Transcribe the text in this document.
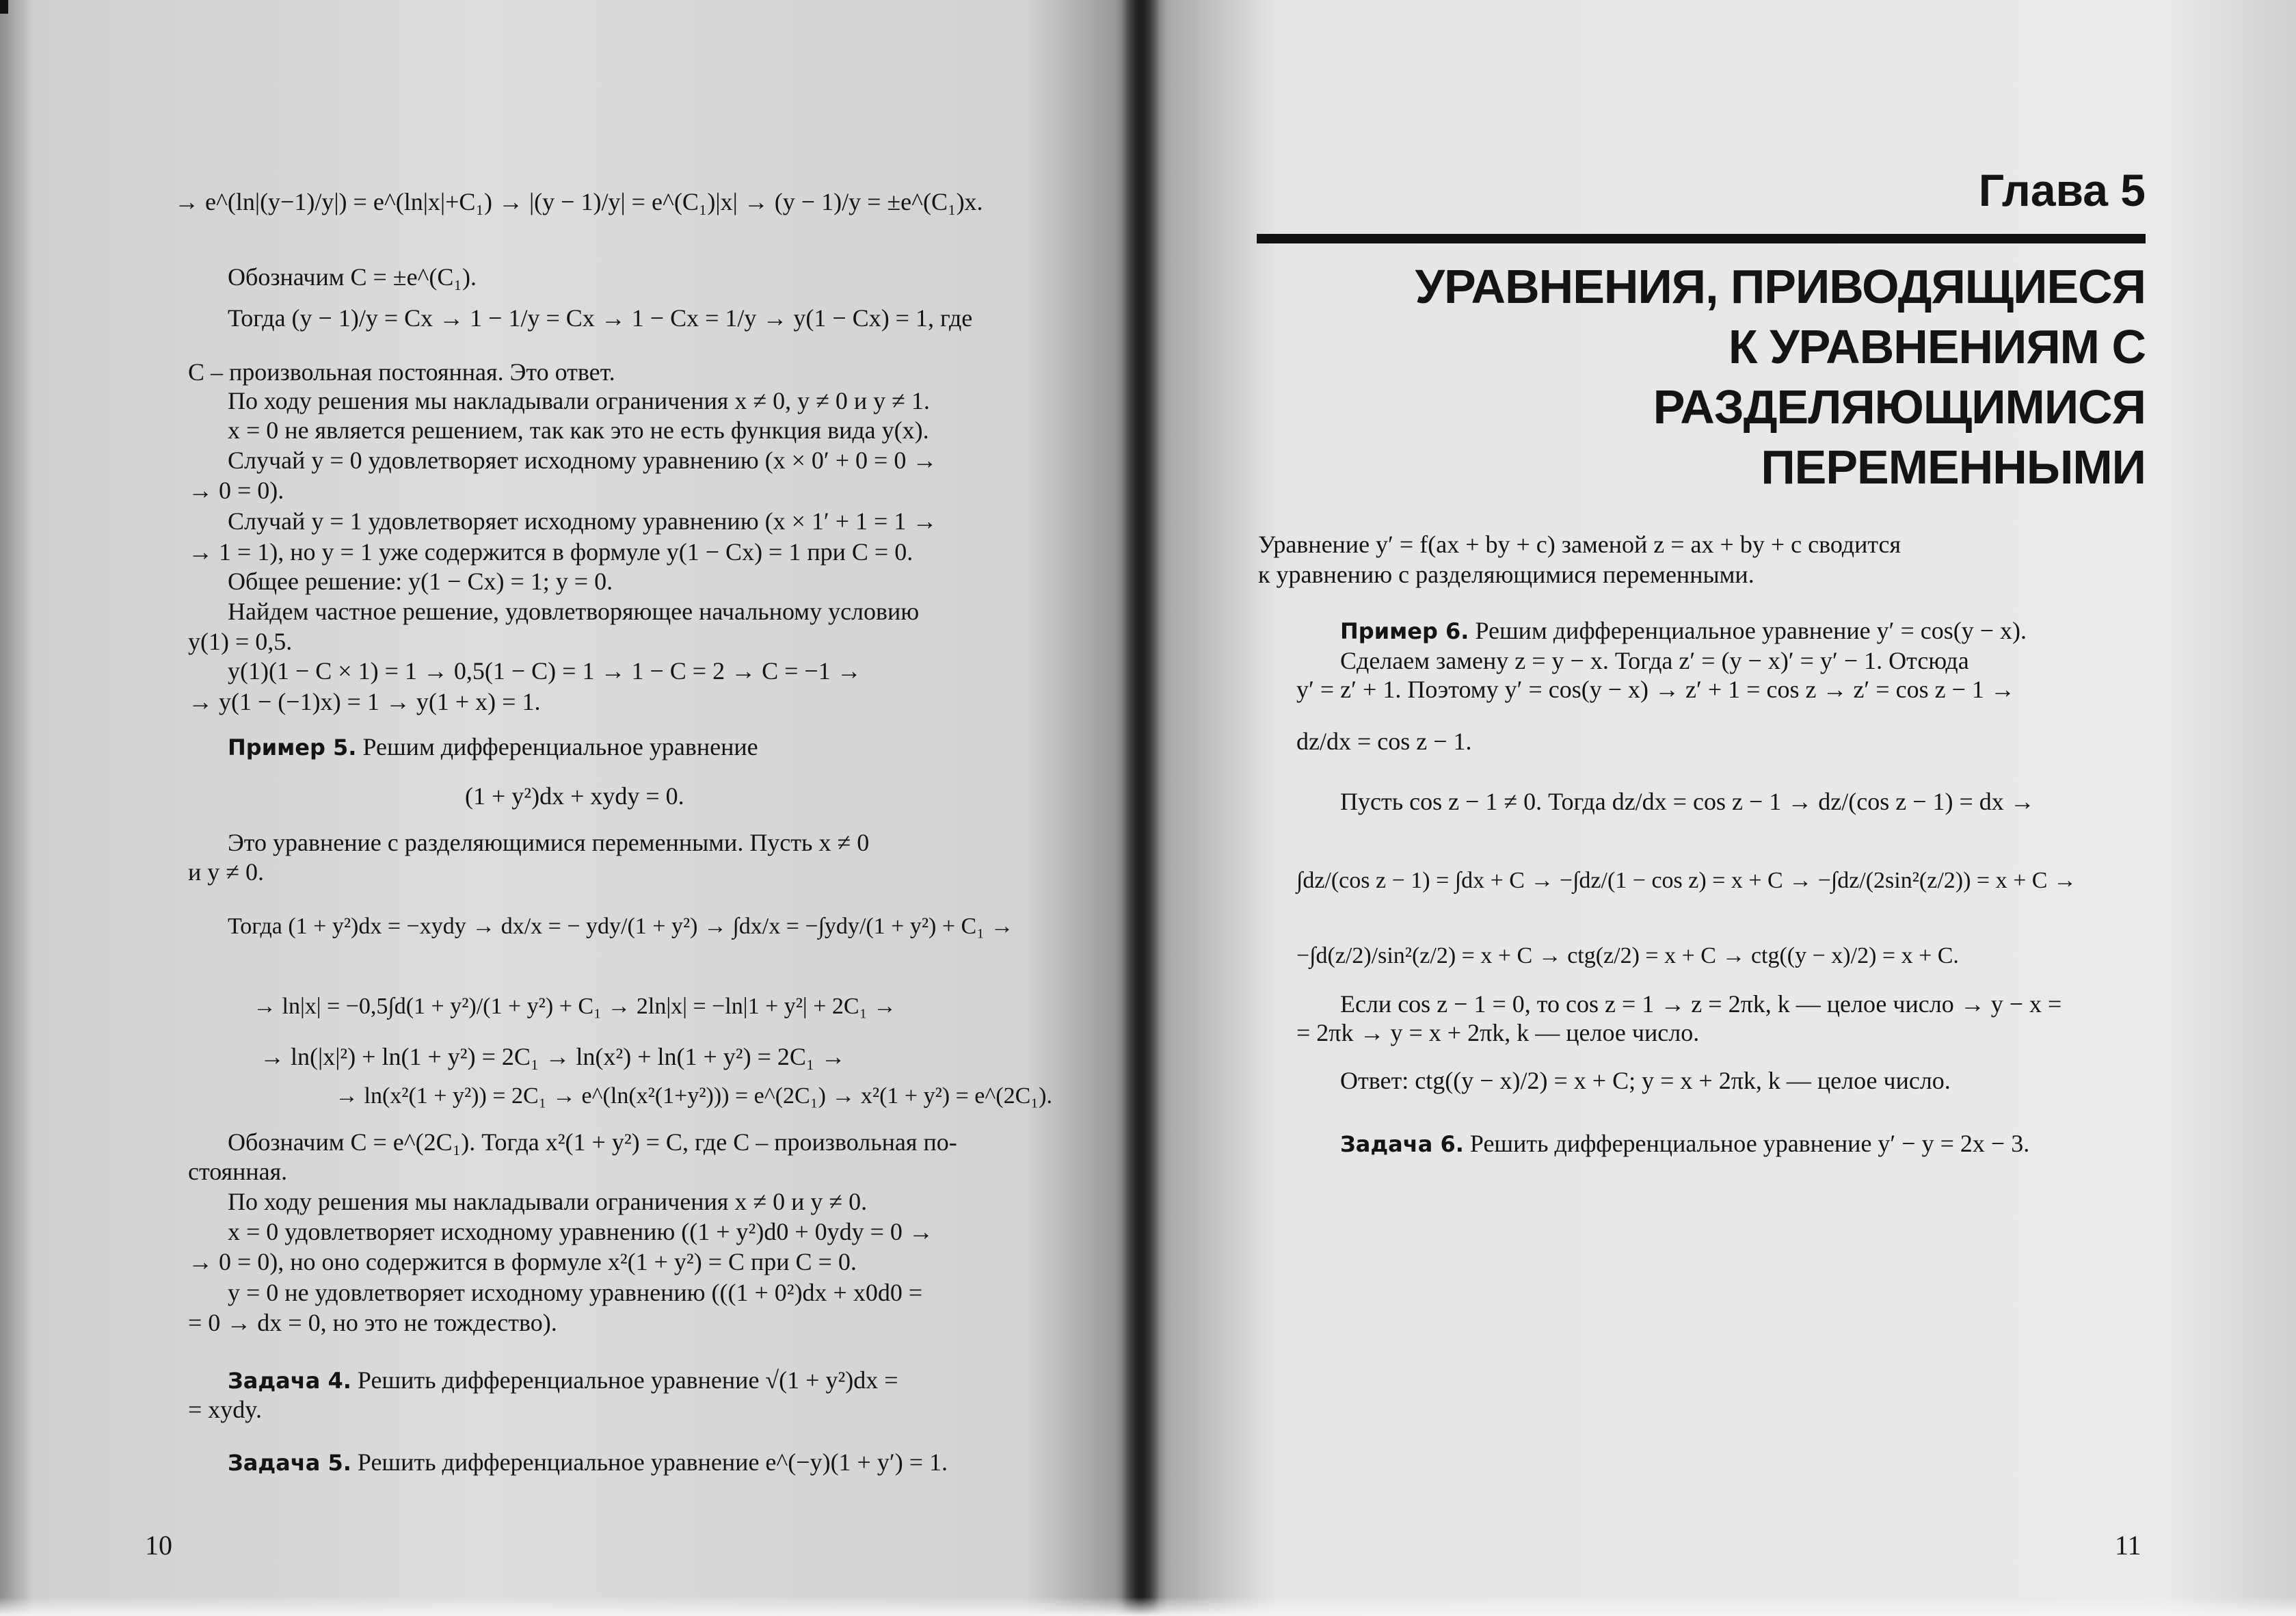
→ e^(ln|(y−1)/y|) = e^(ln|x|+C₁) → |(y − 1)/y| = e^(C₁)|x| → (y − 1)/y = ±e^(C₁)x.
Обозначим C = ±e^(C₁).
Тогда (y − 1)/y = Cx → 1 − 1/y = Cx → 1 − Cx = 1/y → y(1 − Cx) = 1, где
C – произвольная постоянная. Это ответ.
По ходу решения мы накладывали ограничения x ≠ 0, y ≠ 0 и y ≠ 1.
x = 0 не является решением, так как это не есть функция вида y(x).
Случай y = 0 удовлетворяет исходному уравнению (x × 0′ + 0 = 0 →
→ 0 = 0).
Случай y = 1 удовлетворяет исходному уравнению (x × 1′ + 1 = 1 →
→ 1 = 1), но y = 1 уже содержится в формуле y(1 − Cx) = 1 при C = 0.
Общее решение: y(1 − Cx) = 1; y = 0.
Найдем частное решение, удовлетворяющее начальному условию
y(1) = 0,5.
y(1)(1 − C × 1) = 1 → 0,5(1 − C) = 1 → 1 − C = 2 → C = −1 →
→ y(1 − (−1)x) = 1 → y(1 + x) = 1.
Пример 5. Решим дифференциальное уравнение
(1 + y²)dx + xydy = 0.
Это уравнение с разделяющимися переменными. Пусть x ≠ 0
и y ≠ 0.
Тогда (1 + y²)dx = −xydy → dx/x = − ydy/(1 + y²) → ∫dx/x = −∫ydy/(1 + y²) + C₁ →
→ ln|x| = −0,5∫d(1 + y²)/(1 + y²) + C₁ → 2ln|x| = −ln|1 + y²| + 2C₁ →
→ ln(|x|²) + ln(1 + y²) = 2C₁ → ln(x²) + ln(1 + y²) = 2C₁ →
→ ln(x²(1 + y²)) = 2C₁ → e^(ln(x²(1+y²))) = e^(2C₁) → x²(1 + y²) = e^(2C₁).
Обозначим C = e^(2C₁). Тогда x²(1 + y²) = C, где C – произвольная по-
стоянная.
По ходу решения мы накладывали ограничения x ≠ 0 и y ≠ 0.
x = 0 удовлетворяет исходному уравнению ((1 + y²)d0 + 0ydy = 0 →
→ 0 = 0), но оно содержится в формуле x²(1 + y²) = C при C = 0.
y = 0 не удовлетворяет исходному уравнению (((1 + 0²)dx + x0d0 =
= 0 → dx = 0, но это не тождество).
Задача 4. Решить дифференциальное уравнение √(1 + y²)dx =
= xydy.
Задача 5. Решить дифференциальное уравнение e^(−y)(1 + y′) = 1.
10
Глава 5
УРАВНЕНИЯ, ПРИВОДЯЩИЕСЯ
К УРАВНЕНИЯМ С РАЗДЕЛЯЮЩИМИСЯ
ПЕРЕМЕННЫМИ
Уравнение y′ = f(ax + by + c) заменой z = ax + by + c сводится
к уравнению с разделяющимися переменными.
Пример 6. Решим дифференциальное уравнение y′ = cos(y − x).
Сделаем замену z = y − x. Тогда z′ = (y − x)′ = y′ − 1. Отсюда
y′ = z′ + 1. Поэтому y′ = cos(y − x) → z′ + 1 = cos z → z′ = cos z − 1 →
dz/dx = cos z − 1.
Пусть cos z − 1 ≠ 0. Тогда dz/dx = cos z − 1 → dz/(cos z − 1) = dx →
∫dz/(cos z − 1) = ∫dx + C → −∫dz/(1 − cos z) = x + C → −∫dz/(2sin²(z/2)) = x + C →
−∫d(z/2)/sin²(z/2) = x + C → ctg(z/2) = x + C → ctg((y − x)/2) = x + C.
Если cos z − 1 = 0, то cos z = 1 → z = 2πk, k — целое число → y − x =
= 2πk → y = x + 2πk, k — целое число.
Ответ: ctg((y − x)/2) = x + C; y = x + 2πk, k — целое число.
Задача 6. Решить дифференциальное уравнение y′ − y = 2x − 3.
11
